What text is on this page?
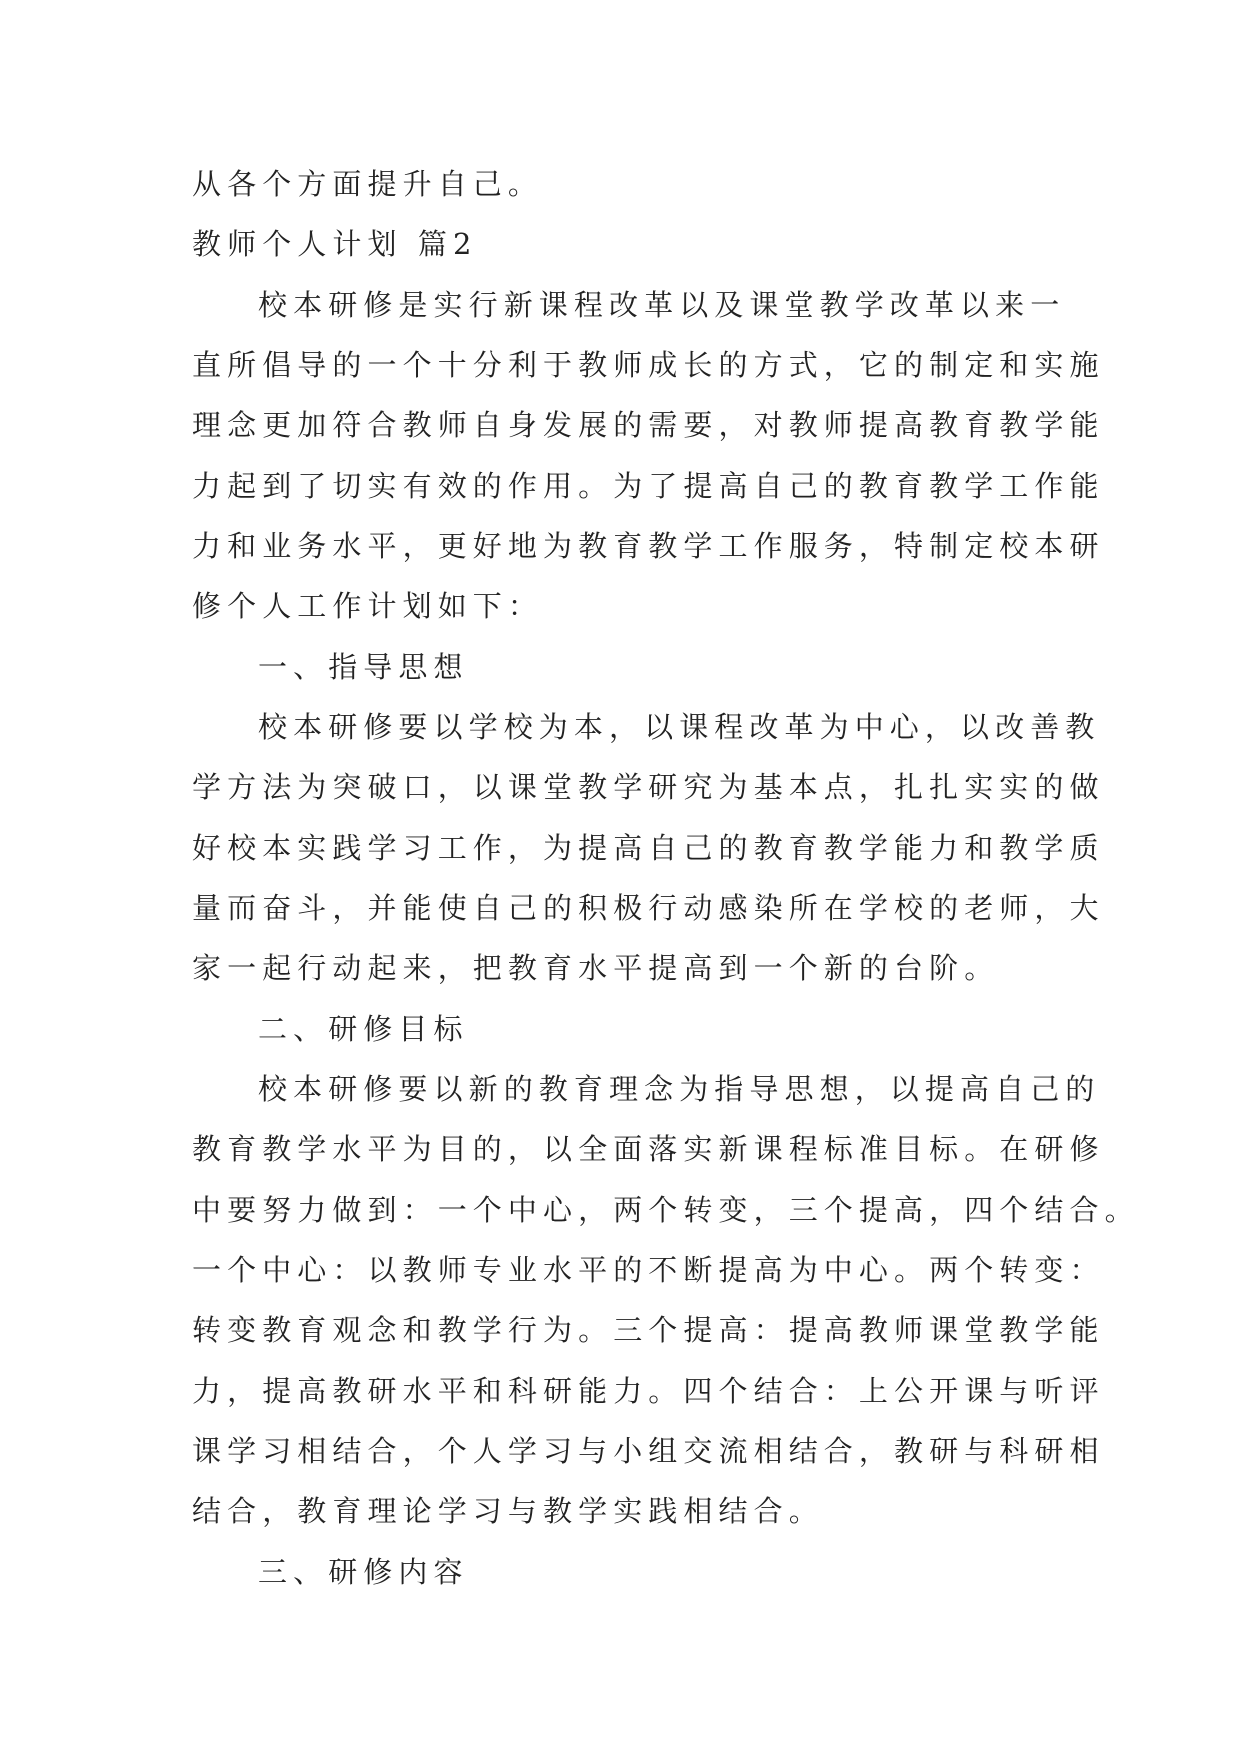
从各个方面提升自己。
教师个人计划 篇2
校本研修是实行新课程改革以及课堂教学改革以来一
直所倡导的一个十分利于教师成长的方式，它的制定和实施
理念更加符合教师自身发展的需要，对教师提高教育教学能
力起到了切实有效的作用。为了提高自己的教育教学工作能
力和业务水平，更好地为教育教学工作服务，特制定校本研
修个人工作计划如下：
一、指导思想
校本研修要以学校为本，以课程改革为中心，以改善教
学方法为突破口，以课堂教学研究为基本点，扎扎实实的做
好校本实践学习工作，为提高自己的教育教学能力和教学质
量而奋斗，并能使自己的积极行动感染所在学校的老师，大
家一起行动起来，把教育水平提高到一个新的台阶。
二、研修目标
校本研修要以新的教育理念为指导思想，以提高自己的
教育教学水平为目的，以全面落实新课程标准目标。在研修
中要努力做到：一个中心，两个转变，三个提高，四个结合。
一个中心：以教师专业水平的不断提高为中心。两个转变：
转变教育观念和教学行为。三个提高：提高教师课堂教学能
力，提高教研水平和科研能力。四个结合：上公开课与听评
课学习相结合，个人学习与小组交流相结合，教研与科研相
结合，教育理论学习与教学实践相结合。
三、研修内容
